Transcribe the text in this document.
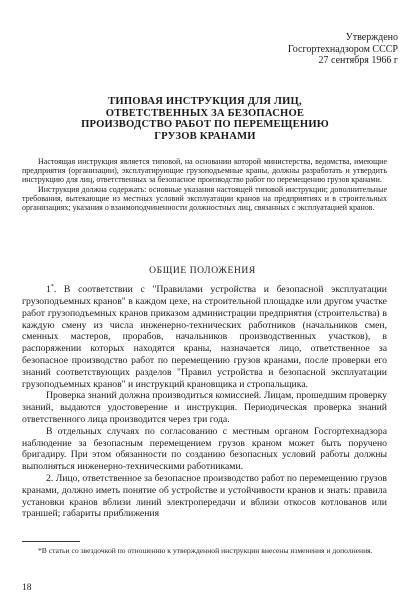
Утверждено
Госгортехнадзором СССР
27 сентября 1966 г
ТИПОВАЯ ИНСТРУКЦИЯ ДЛЯ ЛИЦ,
ОТВЕТСТВЕННЫХ ЗА БЕЗОПАСНОЕ
ПРОИЗВОДСТВО РАБОТ ПО ПЕРЕМЕЩЕНИЮ
ГРУЗОВ КРАНАМИ

Настоящая инструкция является типовой, на основании которой министерства, ведомства, имеющие предприятия (организации), эксплуатирующие грузоподъемные краны, должны разработать и утвердить инструкцию для лиц, ответственных за безопасное производство работ по перемещению грузов кранами.

Инструкция должна содержать: основные указания настоящей типовой инструкции; дополнительные требования, вытекающие из местных условий эксплуатации кранов на предприятиях и в строительных организациях; указания о взаимоподчиненности должностных лиц, связанных с эксплуатацией кранов.

ОБЩИЕ ПОЛОЖЕНИЯ

1*. В соответствии с "Правилами устройства и безопасной эксплуатации грузоподъемных кранов" в каждом цехе, на строительной площадке или другом участке работ грузоподъемных кранов приказом администрации предприятия (строительства) в каждую смену из числа инженерно-технических работников (начальников смен, сменных мастеров, прорабов, начальников производственных участков), в распоряжении которых находятся краны, назначается лицо, ответственное за безопасное производство работ по перемещению грузов кранами, после проверки его знаний соответствующих разделов "Правил устройства и безопасной эксплуатации грузоподъемных кранов" и инструкций крановщика и стропальщика.

Проверка знаний должна производиться комиссией. Лицам, прошедшим проверку знаний, выдаются удостоверение и инструкция. Периодическая проверка знаний ответственного лица производится через три года.

В отдельных случаях по согласованию с местным органом Госгортехнадзора наблюдение за безопасным перемещением грузов краном может быть поручено бригадиру. При этом обязанности по созданию безопасных условий работы должны выполняться инженерно-техническими работниками.

2. Лицо, ответственное за безопасное производство работ по перемещению грузов кранами, должно иметь понятие об устройстве и устойчивости кранов и знать: правила установки кранов вблизи линий электропередачи и вблизи откосов котлованов или траншей; габариты приближения

*В статьи со звездочкой по отношению к утвержденной инструкции внесены изменения и дополнения.

18
